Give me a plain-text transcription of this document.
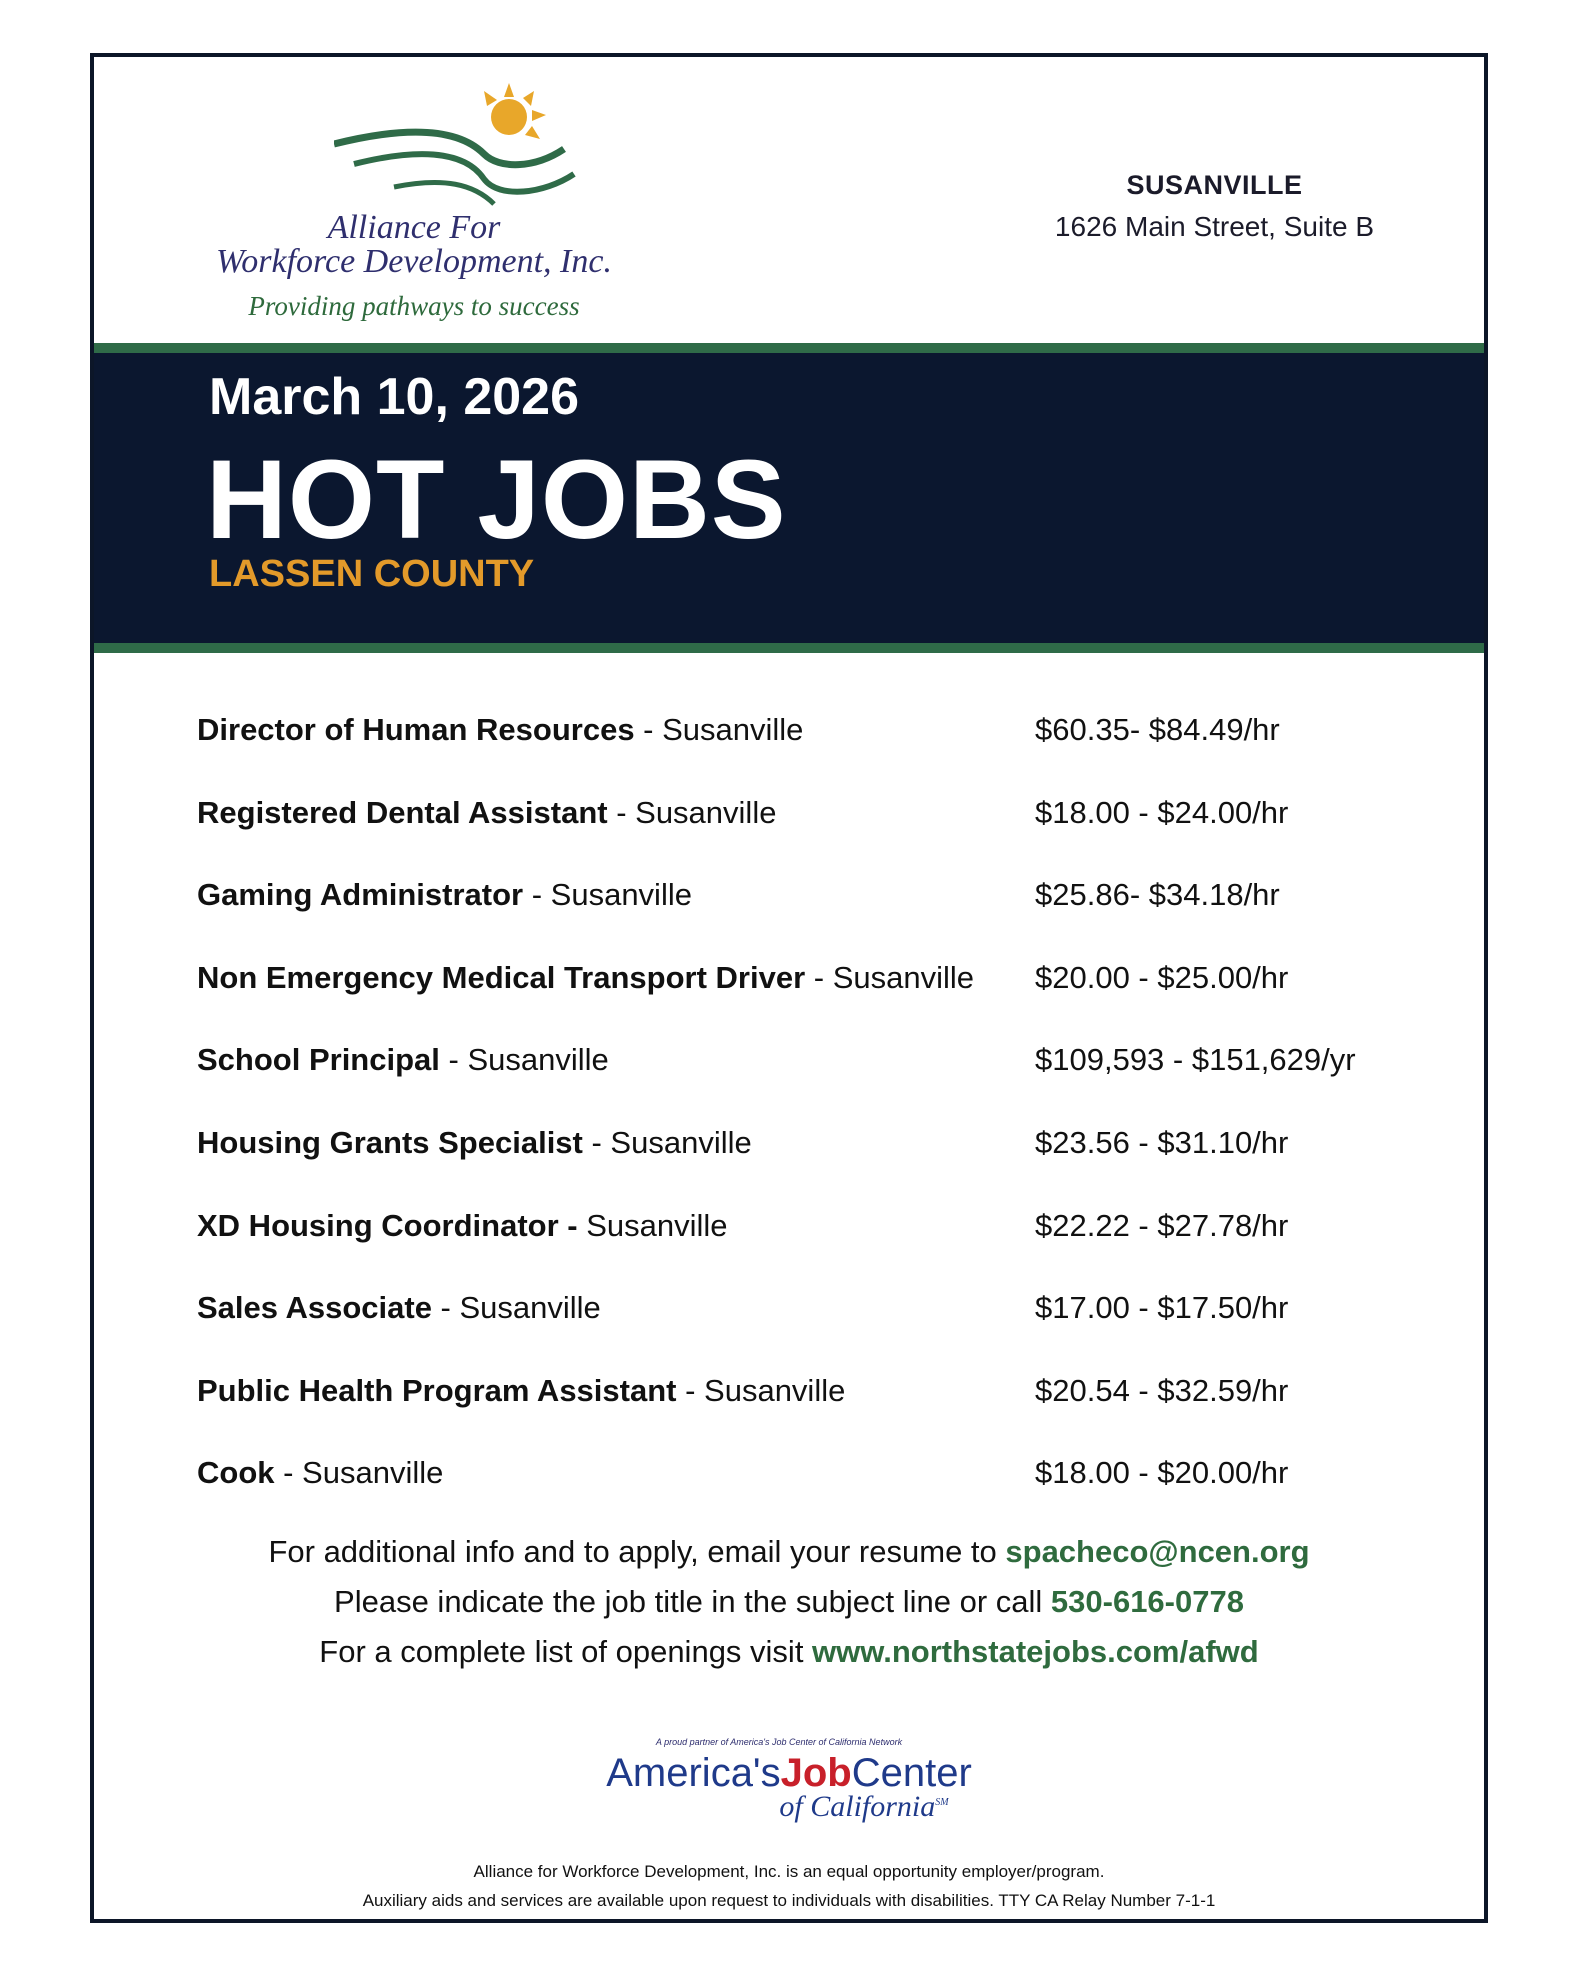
Alliance For
Workforce Development, Inc.
Providing pathways to success
SUSANVILLE
1626 Main Street, Suite B
March 10, 2026
HOT JOBS
LASSEN COUNTY
Director of Human Resources - Susanville	$60.35- $84.49/hr
Registered Dental Assistant - Susanville	$18.00 - $24.00/hr
Gaming Administrator - Susanville	$25.86- $34.18/hr
Non Emergency Medical Transport Driver - Susanville $20.00 - $25.00/hr
School Principal - Susanville	$109,593 - $151,629/yr
Housing Grants Specialist - Susanville	$23.56 - $31.10/hr
XD Housing Coordinator - Susanville	$22.22 - $27.78/hr
Sales Associate - Susanville	$17.00 - $17.50/hr
Public Health Program Assistant - Susanville	$20.54 - $32.59/hr
Cook - Susanville	$18.00 - $20.00/hr
For additional info and to apply, email your resume to spacheco@ncen.org
Please indicate the job title in the subject line or call 530-616-0778
For a complete list of openings visit www.northstatejobs.com/afwd
A proud partner of America's Job Center of California Network
America'sJobCenter
of California℠
Alliance for Workforce Development, Inc. is an equal opportunity employer/program.
Auxiliary aids and services are available upon request to individuals with disabilities. TTY CA Relay Number 7-1-1
